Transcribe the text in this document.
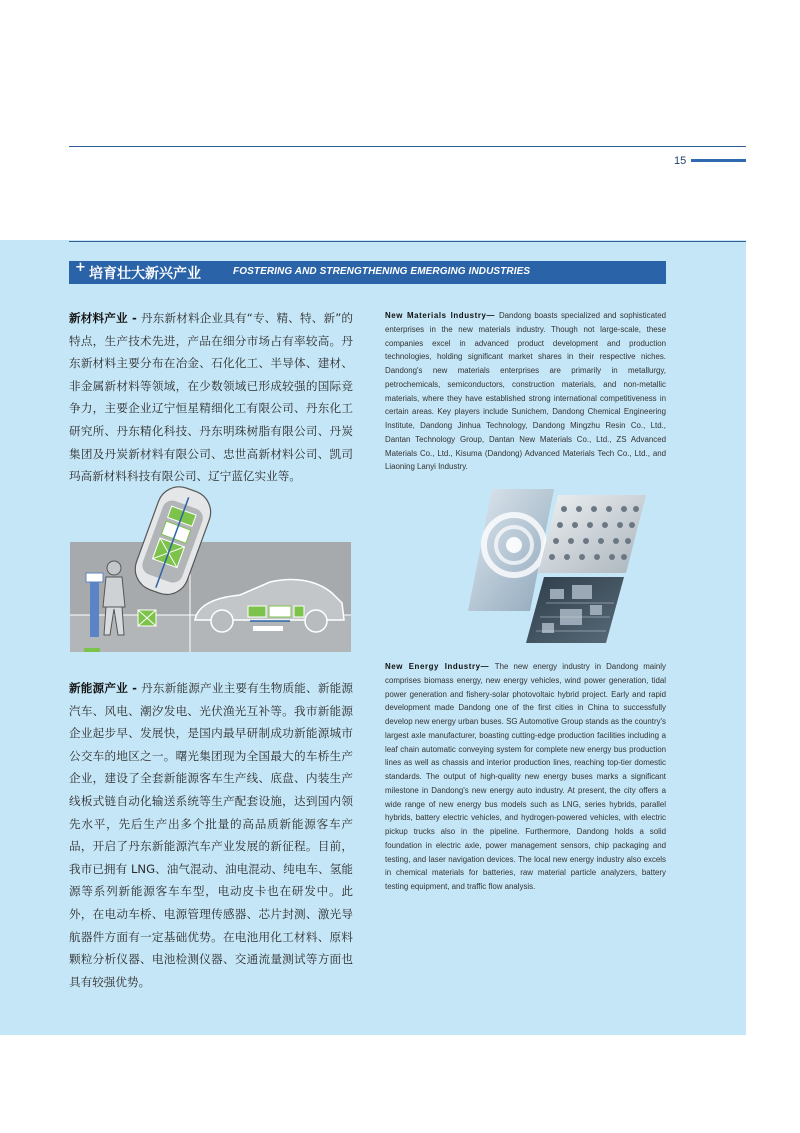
15
+ 培育壮大新兴产业	FOSTERING AND STRENGTHENING EMERGING INDUSTRIES
新材料产业 - 丹东新材料企业具有“专、精、特、新”的特点，生产技术先进，产品在细分市场占有率较高。丹东新材料主要分布在冶金、石化化工、半导体、建材、非金属新材料等领域，在少数领域已形成较强的国际竞争力，主要企业辽宁恒星精细化工有限公司、丹东化工研究所、丹东精化科技、丹东明珠树脂有限公司、丹炭集团及丹炭新材料有限公司、忠世高新材料公司、凯司玛高新材料科技有限公司、辽宁蓝亿实业等。
New Materials Industry— Dandong boasts specialized and sophisticated enterprises in the new materials industry. Though not large-scale, these companies excel in advanced product development and production technologies, holding significant market shares in their respective niches. Dandong's new materials enterprises are primarily in metallurgy, petrochemicals, semiconductors, construction materials, and non-metallic materials, where they have established strong international competitiveness in certain areas. Key players include Sunichem, Dandong Chemical Engineering Institute, Dandong Jinhua Technology, Dandong Mingzhu Resin Co., Ltd., Dantan Technology Group, Dantan New Materials Co., Ltd., ZS Advanced Materials Co., Ltd., Kisuma (Dandong) Advanced Materials Tech Co., Ltd., and Liaoning Lanyi Industry.
新能源产业 - 丹东新能源产业主要有生物质能、新能源汽车、风电、潮汐发电、光伏渔光互补等。我市新能源企业起步早、发展快，是国内最早研制成功新能源城市公交车的地区之一。曙光集团现为全国最大的车桥生产企业，建设了全套新能源客车生产线、底盘、内装生产线板式链自动化输送系统等生产配套设施，达到国内领先水平，先后生产出多个批量的高品质新能源客车产品，开启了丹东新能源汽车产业发展的新征程。目前，我市已拥有 LNG、油气混动、油电混动、纯电车、氢能源等系列新能源客车车型，电动皮卡也在研发中。此外，在电动车桥、电源管理传感器、芯片封测、激光导航器件方面有一定基础优势。在电池用化工材料、原料颗粒分析仪器、电池检测仪器、交通流量测试等方面也具有较强优势。
New Energy Industry— The new energy industry in Dandong mainly comprises biomass energy, new energy vehicles, wind power generation, tidal power generation and fishery-solar photovoltaic hybrid project. Early and rapid development made Dandong one of the first cities in China to successfully develop new energy urban buses. SG Automotive Group stands as the country's largest axle manufacturer, boasting cutting-edge production facilities including a leaf chain automatic conveying system for complete new energy bus production lines as well as chassis and interior production lines, reaching top-tier domestic standards. The output of high-quality new energy buses marks a significant milestone in Dandong's new energy auto industry. At present, the city offers a wide range of new energy bus models such as LNG, series hybrids, parallel hybrids, battery electric vehicles, and hydrogen-powered vehicles, with electric pickup trucks also in the pipeline. Furthermore, Dandong holds a solid foundation in electric axle, power management sensors, chip packaging and testing, and laser navigation devices. The local new energy industry also excels in chemical materials for batteries, raw material particle analyzers, battery testing equipment, and traffic flow analysis.
